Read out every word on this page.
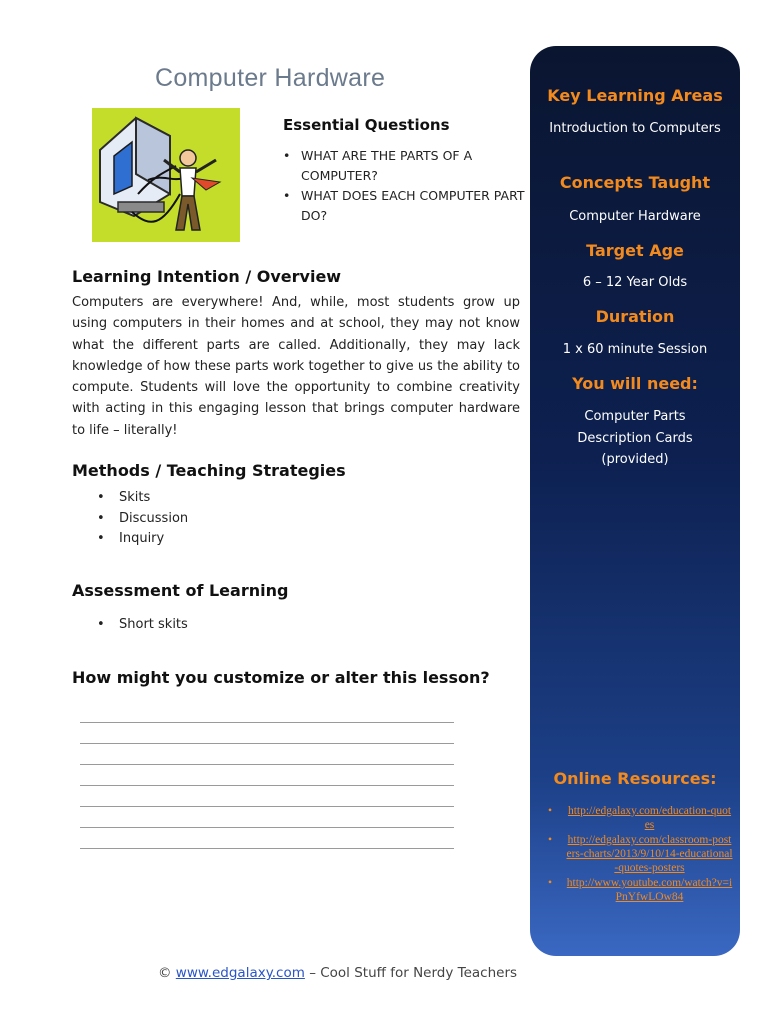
Computer Hardware
Essential Questions
• WHAT ARE THE PARTS OF A COMPUTER?
• WHAT DOES EACH COMPUTER PART DO?
Learning Intention / Overview
Computers are everywhere! And, while, most students grow up using computers in their homes and at school, they may not know what the different parts are called. Additionally, they may lack knowledge of how these parts work together to give us the ability to compute. Students will love the opportunity to combine creativity with acting in this engaging lesson that brings computer hardware to life – literally!
Methods / Teaching Strategies
• Skits
• Discussion
• Inquiry
Assessment of Learning
• Short skits
How might you customize or alter this lesson?
Key Learning Areas
Introduction to Computers
Concepts Taught
Computer Hardware
Target Age
6 – 12 Year Olds
Duration
1 x 60 minute Session
You will need:
Computer Parts Description Cards (provided)
Online Resources:
• http://edgalaxy.com/education-quotes
• http://edgalaxy.com/classroom-posters-charts/2013/9/10/14-educational-quotes-posters
• http://www.youtube.com/watch?v=iPnYfwLOw84
© www.edgalaxy.com – Cool Stuff for Nerdy Teachers
